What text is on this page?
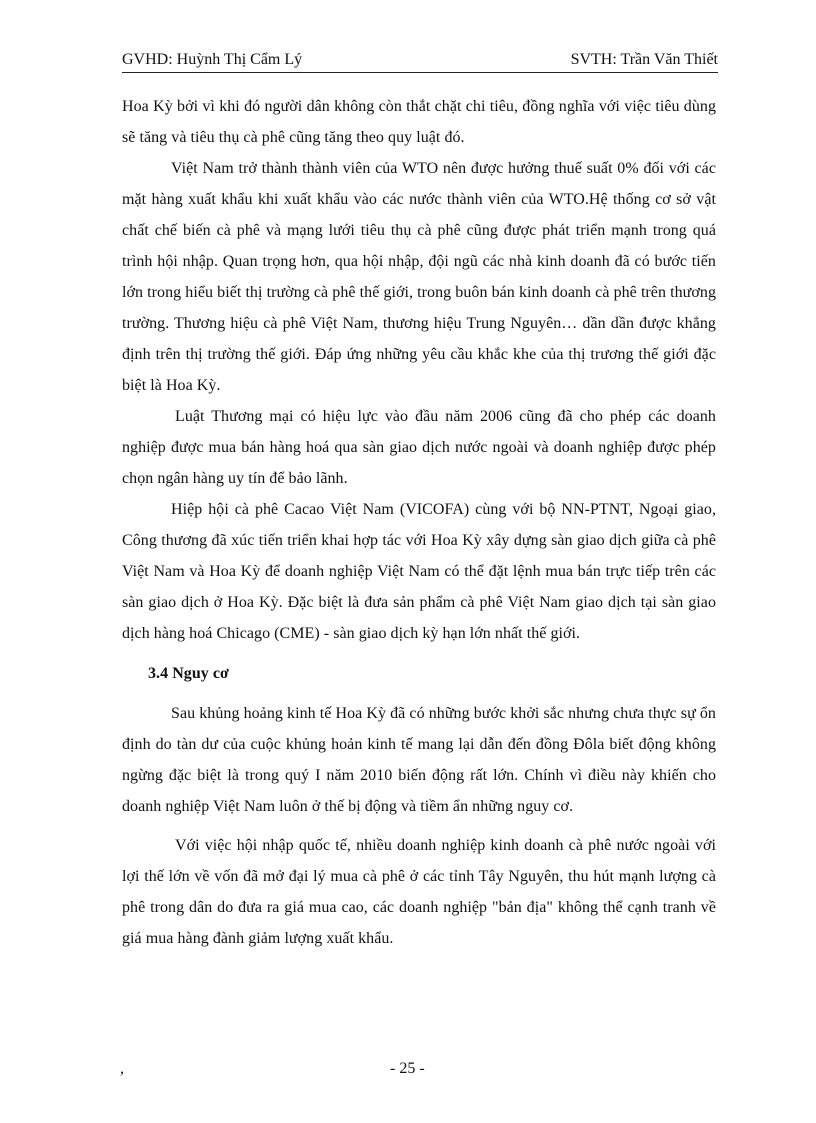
GVHD: Huỳnh Thị Cẩm Lý	SVTH: Trần Văn Thiết

Hoa Kỳ bởi vì khi đó người dân không còn thắt chặt chi tiêu, đồng nghĩa với việc tiêu dùng sẽ tăng và tiêu thụ cà phê cũng tăng theo quy luật đó.

Việt Nam trở thành thành viên của WTO nên được hưởng thuế suất 0% đối với các mặt hàng xuất khẩu khi xuất khẩu vào các nước thành viên của WTO.Hệ thống cơ sở vật chất chế biến cà phê và mạng lưới tiêu thụ cà phê cũng được phát triển mạnh trong quá trình hội nhập. Quan trọng hơn, qua hội nhập, đội ngũ các nhà kinh doanh đã có bước tiến lớn trong hiểu biết thị trường cà phê thế giới, trong buôn bán kinh doanh cà phê trên thương trường. Thương hiệu cà phê Việt Nam, thương hiệu Trung Nguyên… dần dần được khẳng định trên thị trường thế giới. Đáp ứng những yêu cầu khắc khe của thị trương thế giới đặc biệt là Hoa Kỳ.

Luật Thương mại có hiệu lực vào đầu năm 2006 cũng đã cho phép các doanh nghiệp được mua bán hàng hoá qua sàn giao dịch nước ngoài và doanh nghiệp được phép chọn ngân hàng uy tín để bảo lãnh.

Hiệp hội cà phê Cacao Việt Nam (VICOFA) cùng với bộ NN-PTNT, Ngoại giao, Công thương đã xúc tiến triển khai hợp tác với Hoa Kỳ xây dựng sàn giao dịch giữa cà phê Việt Nam và Hoa Kỳ để doanh nghiệp Việt Nam có thể đặt lệnh mua bán trực tiếp trên các sàn giao dịch ở Hoa Kỳ. Đặc biệt là đưa sản phẩm cà phê Việt Nam giao dịch tại sàn giao dịch hàng hoá Chicago (CME) - sàn giao dịch kỳ hạn lớn nhất thế giới.

3.4 Nguy cơ

Sau khủng hoảng kinh tế Hoa Kỳ đã có những bước khởi sắc nhưng chưa thực sự ổn định do tàn dư của cuộc khủng hoản kinh tế mang lại dẫn đến đồng Đôla biết động không ngừng đặc biệt là trong quý I năm 2010 biến động rất lớn. Chính vì điều này khiến cho doanh nghiệp Việt Nam luôn ở thế bị động và tiềm ẩn những nguy cơ.

Với việc hội nhập quốc tế, nhiều doanh nghiệp kinh doanh cà phê nước ngoài với lợi thế lớn về vốn đã mở đại lý mua cà phê ở các tỉnh Tây Nguyên, thu hút mạnh lượng cà phê trong dân do đưa ra giá mua cao, các doanh nghiệp "bản địa" không thể cạnh tranh về giá mua hàng đành giảm lượng xuất khẩu.

,	- 25 -
